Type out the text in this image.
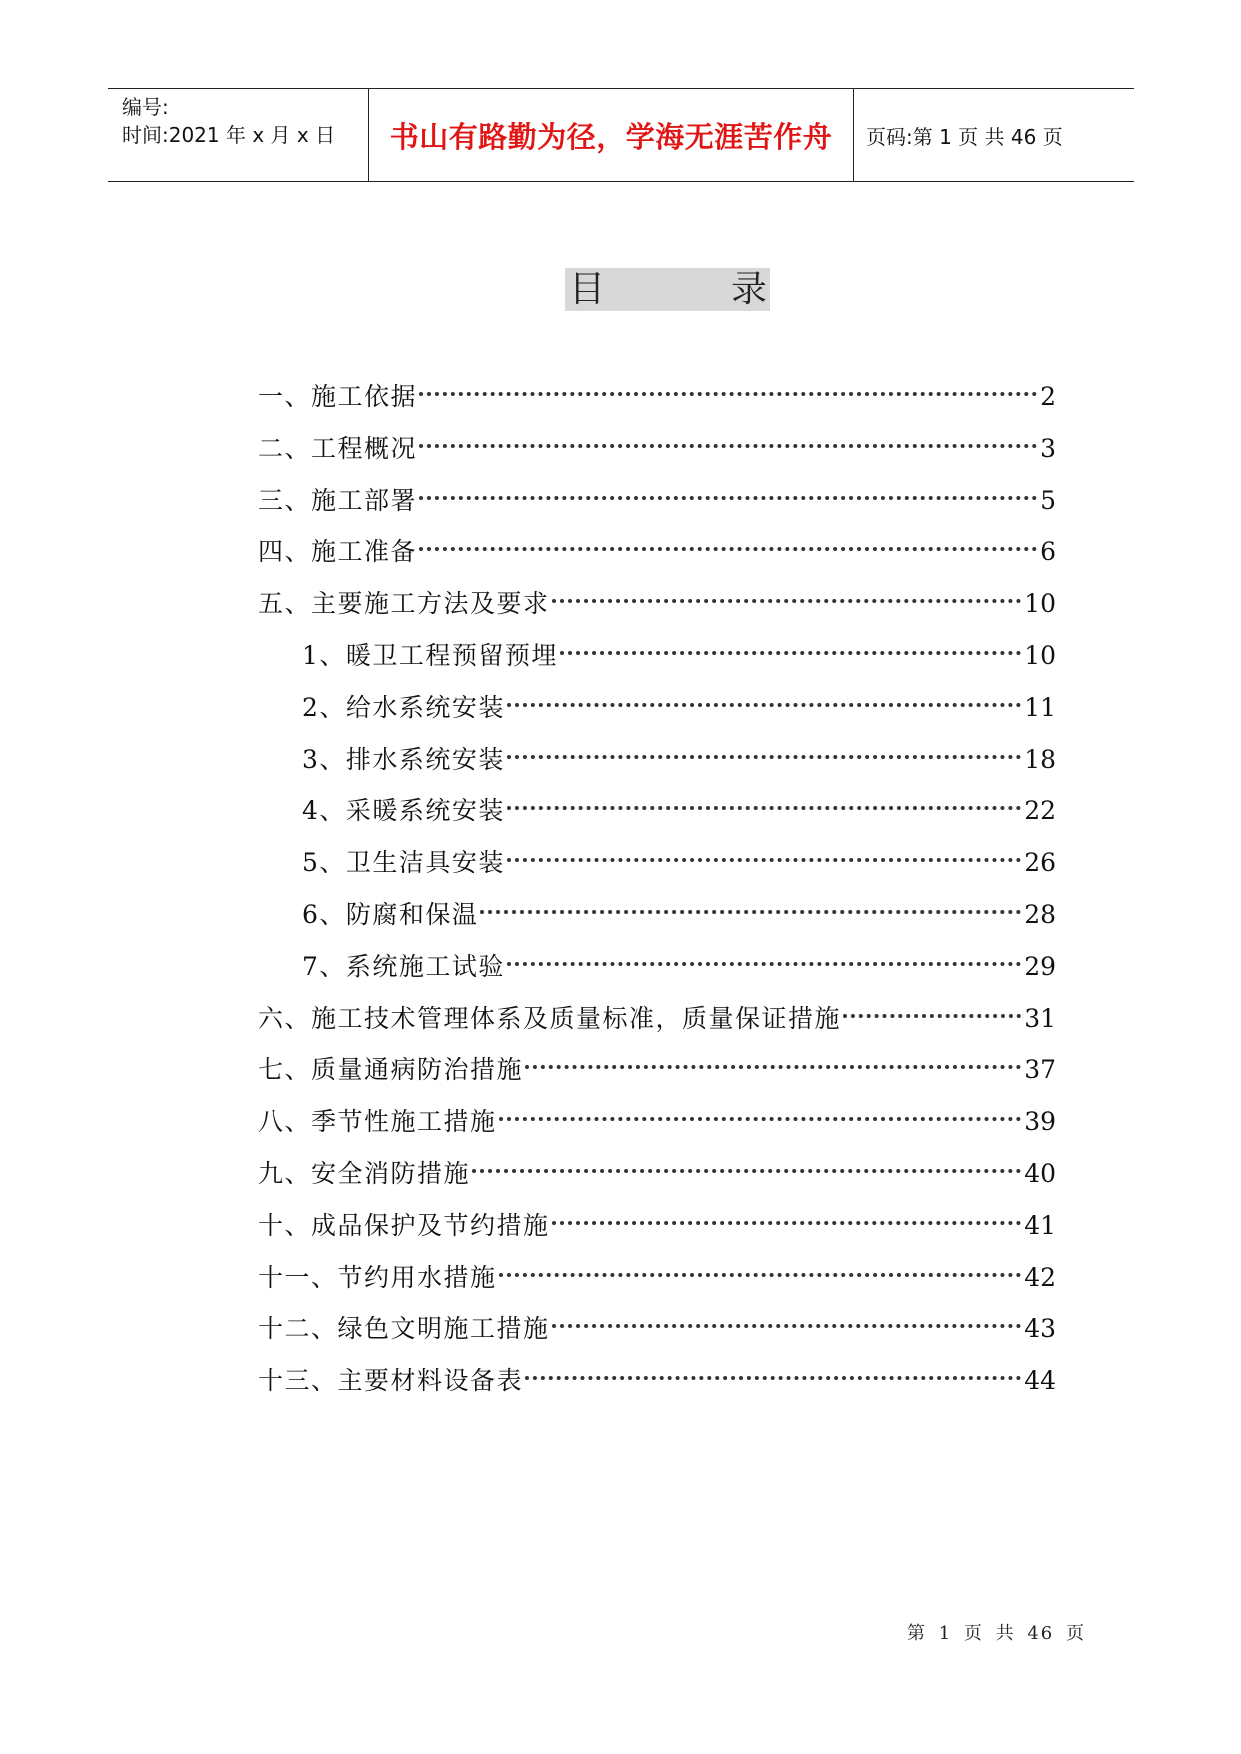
编号:
时间:2021 年 x 月 x 日	书山有路勤为径，学海无涯苦作舟	页码:第 1 页 共 46 页
目	录
一、施工依据	2
二、工程概况	3
三、施工部署	5
四、施工准备	6
五、主要施工方法及要求	10
1、暖卫工程预留预埋	10
2、给水系统安装	11
3、排水系统安装	18
4、采暖系统安装	22
5、卫生洁具安装	26
6、防腐和保温	28
7、系统施工试验	29
六、施工技术管理体系及质量标准，质量保证措施	31
七、质量通病防治措施	37
八、季节性施工措施	39
九、安全消防措施	40
十、成品保护及节约措施	41
十一、节约用水措施	42
十二、绿色文明施工措施	43
十三、主要材料设备表	44
第 1 页 共 46 页
